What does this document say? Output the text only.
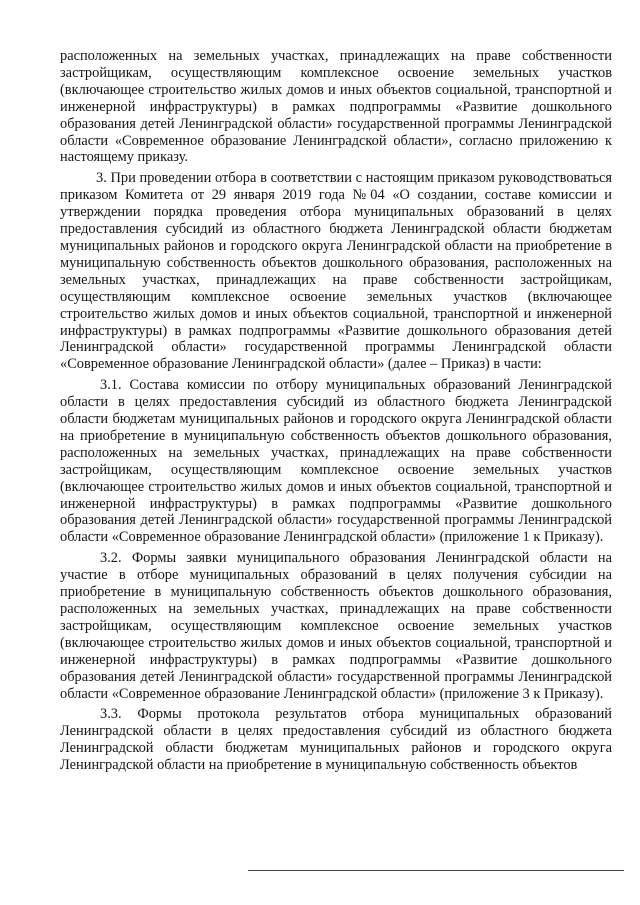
расположенных на земельных участках, принадлежащих на праве собственности застройщикам, осуществляющим комплексное освоение земельных участков (включающее строительство жилых домов и иных объектов социальной, транспортной и инженерной инфраструктуры) в рамках подпрограммы «Развитие дошкольного образования детей Ленинградской области» государственной программы Ленинградской области «Современное образование Ленинградской области», согласно приложению к настоящему приказу.

3. При проведении отбора в соответствии с настоящим приказом руководствоваться приказом Комитета от 29 января 2019 года №04 «О создании, составе комиссии и утверждении порядка проведения отбора муниципальных образований в целях предоставления субсидий из областного бюджета Ленинградской области бюджетам муниципальных районов и городского округа Ленинградской области на приобретение в муниципальную собственность объектов дошкольного образования, расположенных на земельных участках, принадлежащих на праве собственности застройщикам, осуществляющим комплексное освоение земельных участков (включающее строительство жилых домов и иных объектов социальной, транспортной и инженерной инфраструктуры) в рамках подпрограммы «Развитие дошкольного образования детей Ленинградской области» государственной программы Ленинградской области «Современное образование Ленинградской области» (далее – Приказ) в части:

3.1. Состава комиссии по отбору муниципальных образований Ленинградской области в целях предоставления субсидий из областного бюджета Ленинградской области бюджетам муниципальных районов и городского округа Ленинградской области на приобретение в муниципальную собственность объектов дошкольного образования, расположенных на земельных участках, принадлежащих на праве собственности застройщикам, осуществляющим комплексное освоение земельных участков (включающее строительство жилых домов и иных объектов социальной, транспортной и инженерной инфраструктуры) в рамках подпрограммы «Развитие дошкольного образования детей Ленинградской области» государственной программы Ленинградской области «Современное образование Ленинградской области» (приложение 1 к Приказу).

3.2. Формы заявки муниципального образования Ленинградской области на участие в отборе муниципальных образований в целях получения субсидии на приобретение в муниципальную собственность объектов дошкольного образования, расположенных на земельных участках, принадлежащих на праве собственности застройщикам, осуществляющим комплексное освоение земельных участков (включающее строительство жилых домов и иных объектов социальной, транспортной и инженерной инфраструктуры) в рамках подпрограммы «Развитие дошкольного образования детей Ленинградской области» государственной программы Ленинградской области «Современное образование Ленинградской области» (приложение 3 к Приказу).

3.3. Формы протокола результатов отбора муниципальных образований Ленинградской области в целях предоставления субсидий из областного бюджета Ленинградской области бюджетам муниципальных районов и городского округа Ленинградской области на приобретение в муниципальную собственность объектов
